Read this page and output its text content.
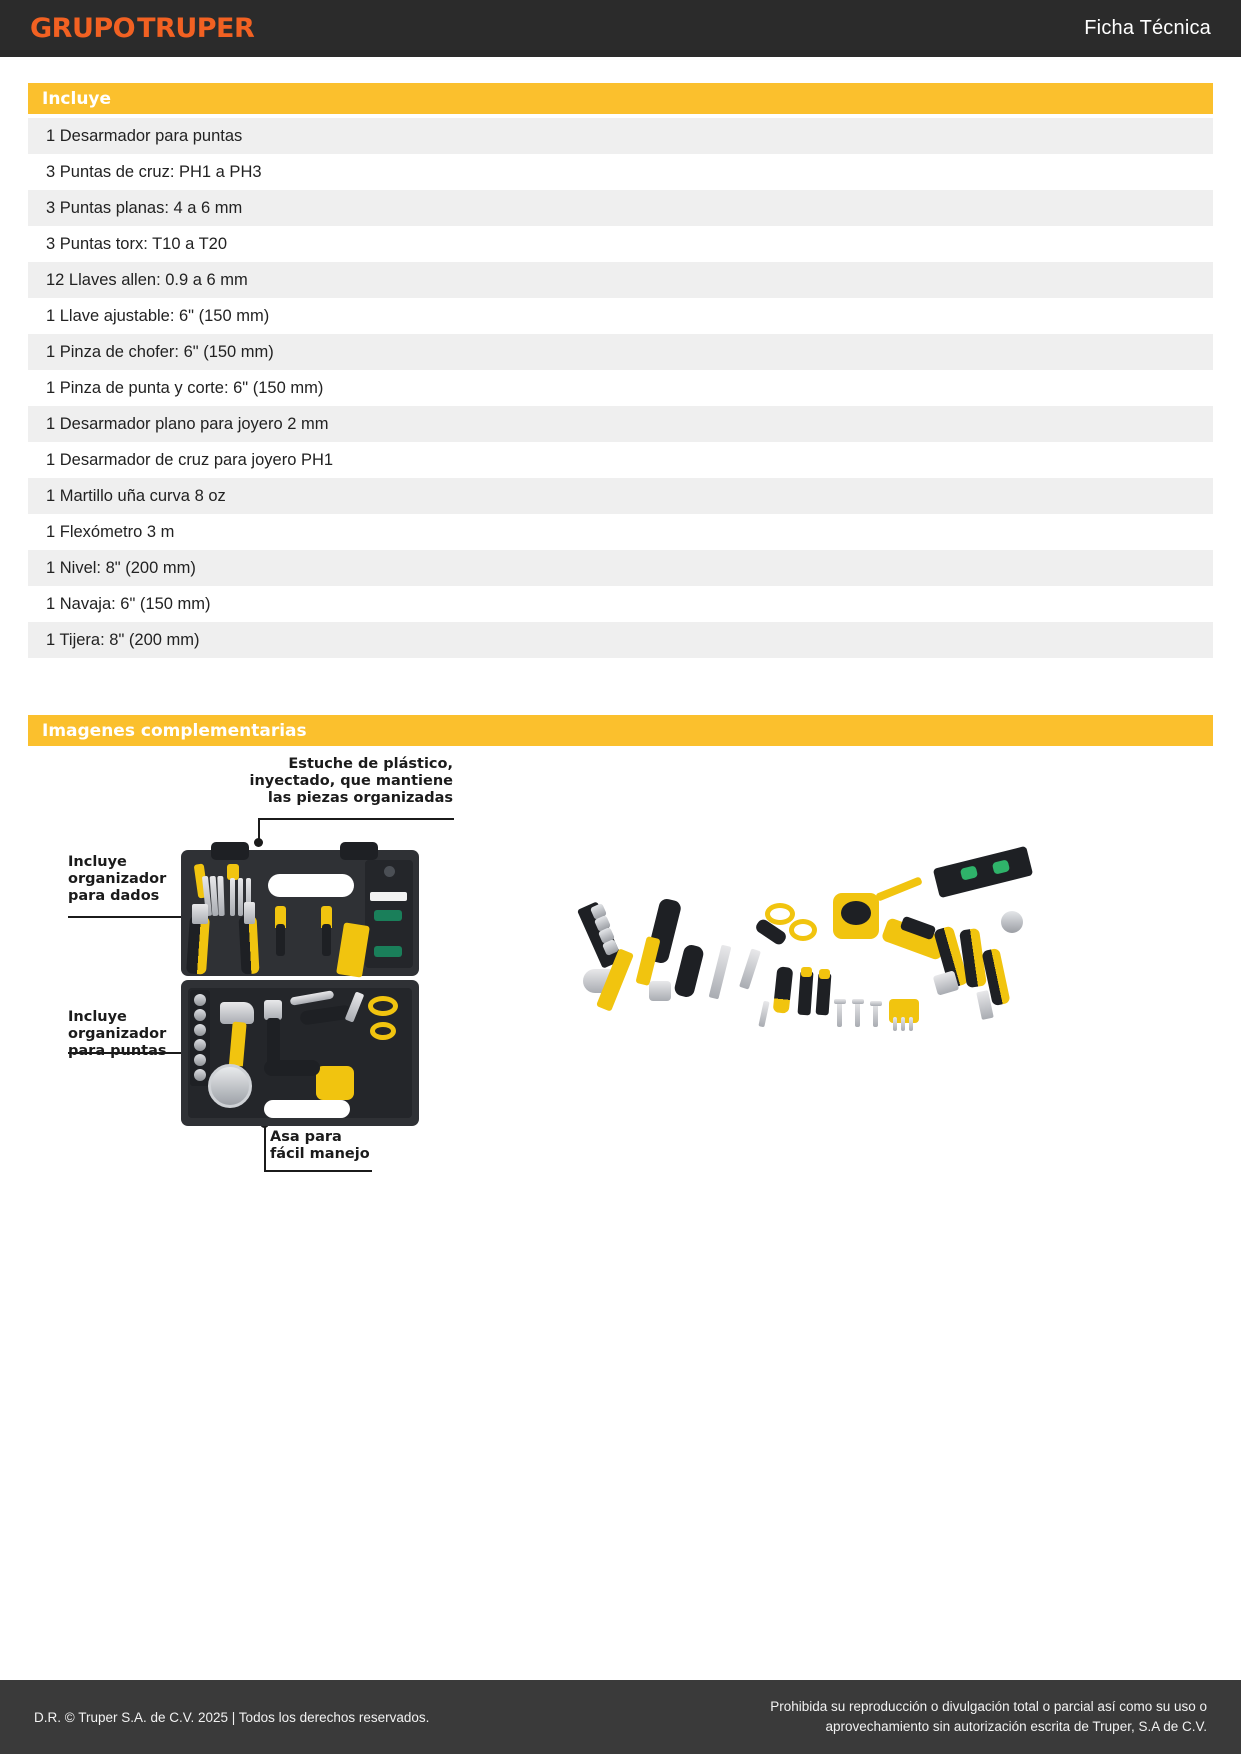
GRUPOTRUPER	Ficha Técnica
Incluye
1 Desarmador para puntas
3 Puntas de cruz: PH1 a PH3
3 Puntas planas: 4 a 6 mm
3 Puntas torx: T10 a T20
12 Llaves allen: 0.9 a 6 mm
1 Llave ajustable: 6" (150 mm)
1 Pinza de chofer: 6" (150 mm)
1 Pinza de punta y corte: 6" (150 mm)
1 Desarmador plano para joyero 2 mm
1 Desarmador de cruz para joyero PH1
1 Martillo uña curva 8 oz
1 Flexómetro 3 m
1 Nivel: 8" (200 mm)
1 Navaja: 6" (150 mm)
1 Tijera: 8" (200 mm)
Imagenes complementarias
Estuche de plástico,
inyectado, que mantiene
las piezas organizadas
Incluye
organizador
para dados
Incluye
organizador
Asa para
fácil manejo
D.R. © Truper S.A. de C.V. 2025 | Todos los derechos reservados.
Prohibida su reproducción o divulgación total o parcial así como su uso o
aprovechamiento sin autorización escrita de Truper, S.A de C.V.
